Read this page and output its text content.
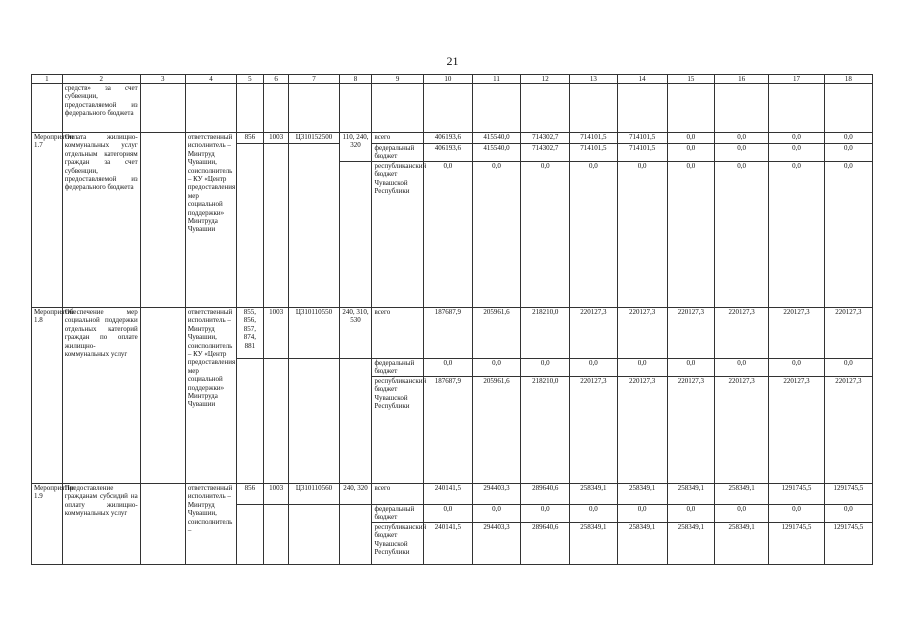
21
1	2	3	4	5	6	7	8	9	10	11	12	13	14	15	16	17	18
	средств» за счет субвенции, предоставляемой из федерального бюджета																
Мероприятие 1.7	Оплата жилищно-коммунальных услуг отдельным категориям граждан за счет субвенции, предоставляемой из федерального бюджета		ответственный исполнитель – Минтруд Чувашии, соисполнитель – КУ «Центр предоставления мер социальной поддержки» Минтруда Чувашии	856	1003	Ц310152500	110, 240, 320	всего	406193,6	415540,0	714302,7	714101,5	714101,5	0,0	0,0	0,0	0,0
								федеральный бюджет	406193,6	415540,0	714302,7	714101,5	714101,5	0,0	0,0	0,0	0,0
								республиканский бюджет Чувашской Республики	0,0	0,0	0,0	0,0	0,0	0,0	0,0	0,0	0,0
Мероприятие 1.8	Обеспечение мер социальной поддержки отдельных категорий граждан по оплате жилищно-коммунальных услуг		ответственный исполнитель – Минтруд Чувашии, соисполнитель – КУ «Центр предоставления мер социальной поддержки» Минтруда Чувашии	855, 856, 857, 874, 881	1003	Ц310110550	240, 310, 530	всего	187687,9	205961,6	218210,0	220127,3	220127,3	220127,3	220127,3	220127,3	220127,3
								федеральный бюджет	0,0	0,0	0,0	0,0	0,0	0,0	0,0	0,0	0,0
								республиканский бюджет Чувашской Республики	187687,9	205961,6	218210,0	220127,3	220127,3	220127,3	220127,3	220127,3	220127,3
Мероприятие 1.9	Предоставление гражданам субсидий на оплату жилищно-коммунальных услуг		ответственный исполнитель – Минтруд Чувашии, соисполнитель –	856	1003	Ц310110560	240, 320	всего	240141,5	294403,3	289640,6	258349,1	258349,1	258349,1	258349,1	1291745,5	1291745,5
								федеральный бюджет	0,0	0,0	0,0	0,0	0,0	0,0	0,0	0,0	0,0
								республиканский бюджет Чувашской Республики	240141,5	294403,3	289640,6	258349,1	258349,1	258349,1	258349,1	1291745,5	1291745,5
